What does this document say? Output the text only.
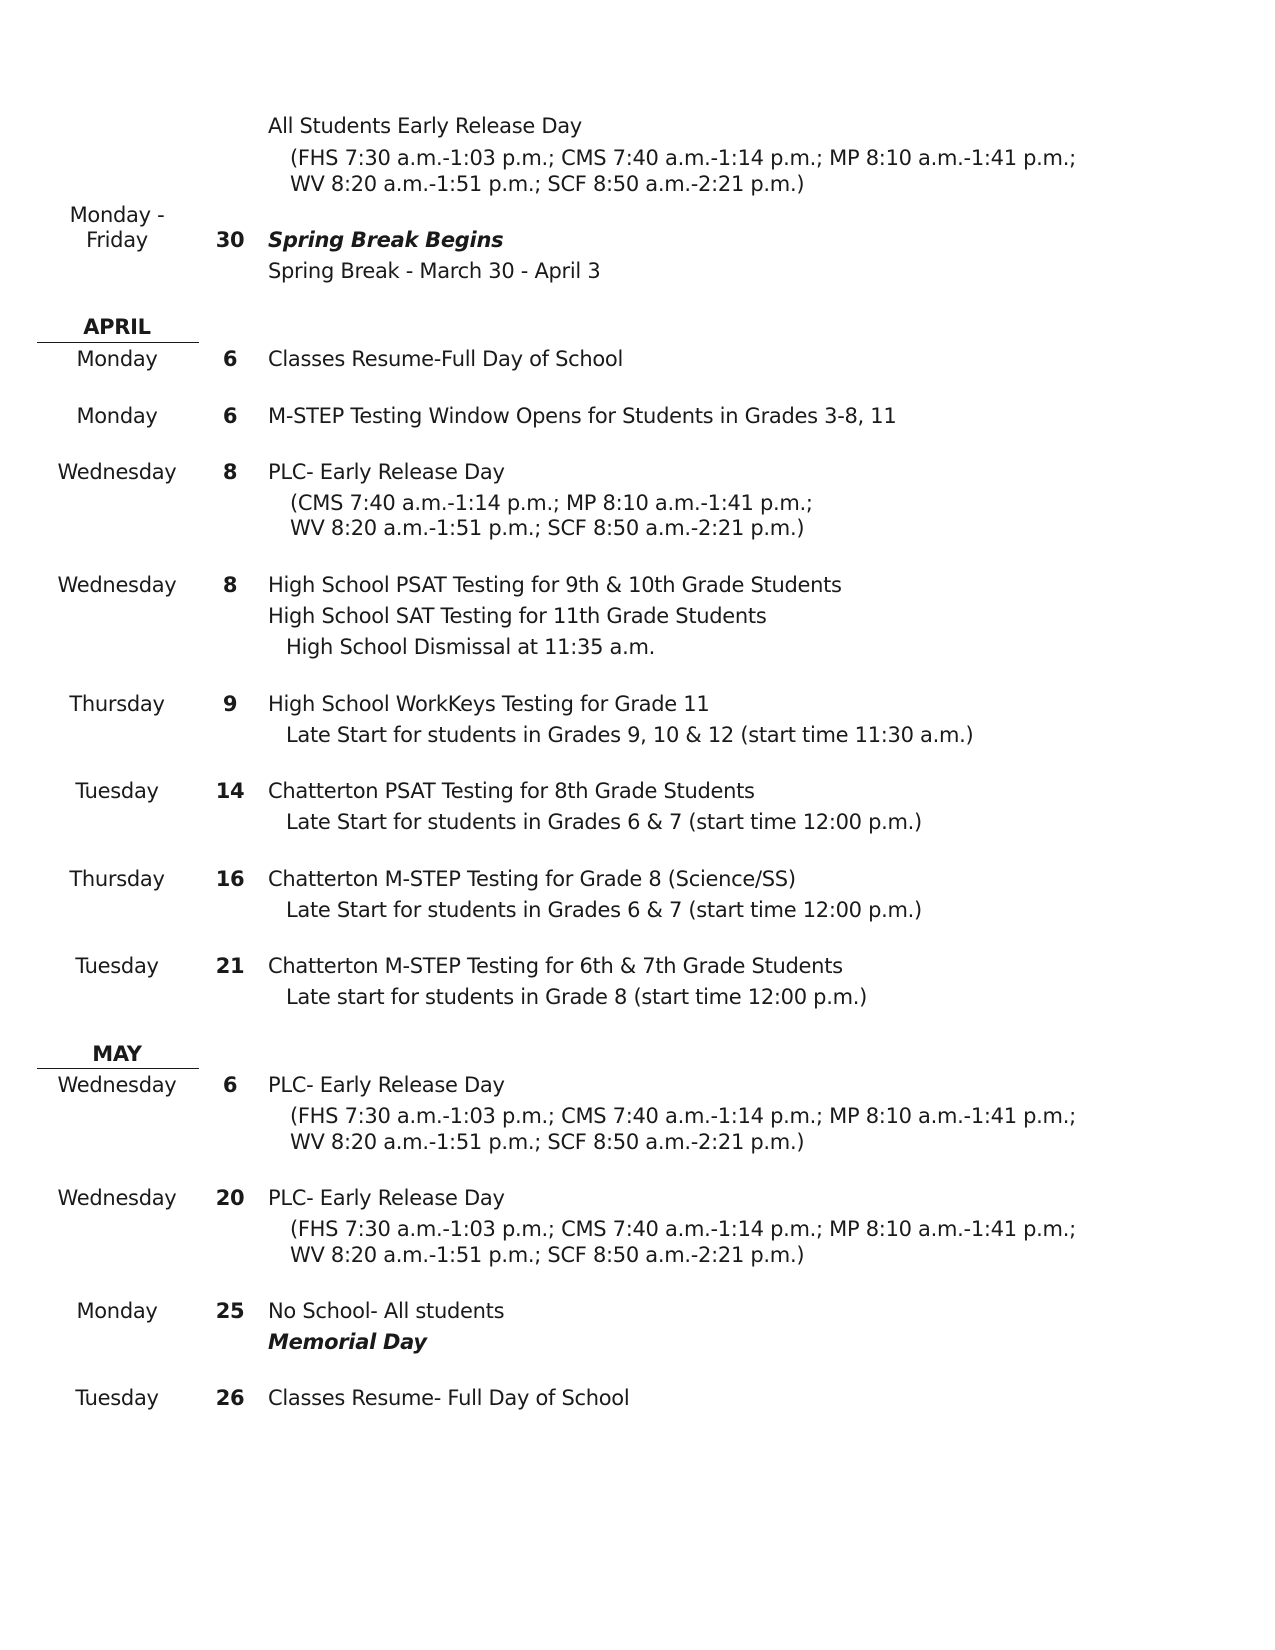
All Students Early Release Day
(FHS 7:30 a.m.-1:03 p.m.; CMS 7:40 a.m.-1:14 p.m.; MP 8:10 a.m.-1:41 p.m.;
WV 8:20 a.m.-1:51 p.m.; SCF 8:50 a.m.-2:21 p.m.)
Monday -
Friday	30	Spring Break Begins
Spring Break - March 30 - April 3
APRIL
Monday	6	Classes Resume-Full Day of School
Monday	6	M-STEP Testing Window Opens for Students in Grades 3-8, 11
Wednesday	8	PLC- Early Release Day
(CMS 7:40 a.m.-1:14 p.m.; MP 8:10 a.m.-1:41 p.m.;
WV 8:20 a.m.-1:51 p.m.; SCF 8:50 a.m.-2:21 p.m.)
Wednesday	8	High School PSAT Testing for 9th & 10th Grade Students
High School SAT Testing for 11th Grade Students
High School Dismissal at 11:35 a.m.
Thursday	9	High School WorkKeys Testing for Grade 11
Late Start for students in Grades 9, 10 & 12 (start time 11:30 a.m.)
Tuesday	14	Chatterton PSAT Testing for 8th Grade Students
Late Start for students in Grades 6 & 7 (start time 12:00 p.m.)
Thursday	16	Chatterton M-STEP Testing for Grade 8 (Science/SS)
Late Start for students in Grades 6 & 7 (start time 12:00 p.m.)
Tuesday	21	Chatterton M-STEP Testing for 6th & 7th Grade Students
Late start for students in Grade 8 (start time 12:00 p.m.)
MAY
Wednesday	6	PLC- Early Release Day
(FHS 7:30 a.m.-1:03 p.m.; CMS 7:40 a.m.-1:14 p.m.; MP 8:10 a.m.-1:41 p.m.;
WV 8:20 a.m.-1:51 p.m.; SCF 8:50 a.m.-2:21 p.m.)
Wednesday	20	PLC- Early Release Day
(FHS 7:30 a.m.-1:03 p.m.; CMS 7:40 a.m.-1:14 p.m.; MP 8:10 a.m.-1:41 p.m.;
WV 8:20 a.m.-1:51 p.m.; SCF 8:50 a.m.-2:21 p.m.)
Monday	25	No School- All students
Memorial Day
Tuesday	26	Classes Resume- Full Day of School
